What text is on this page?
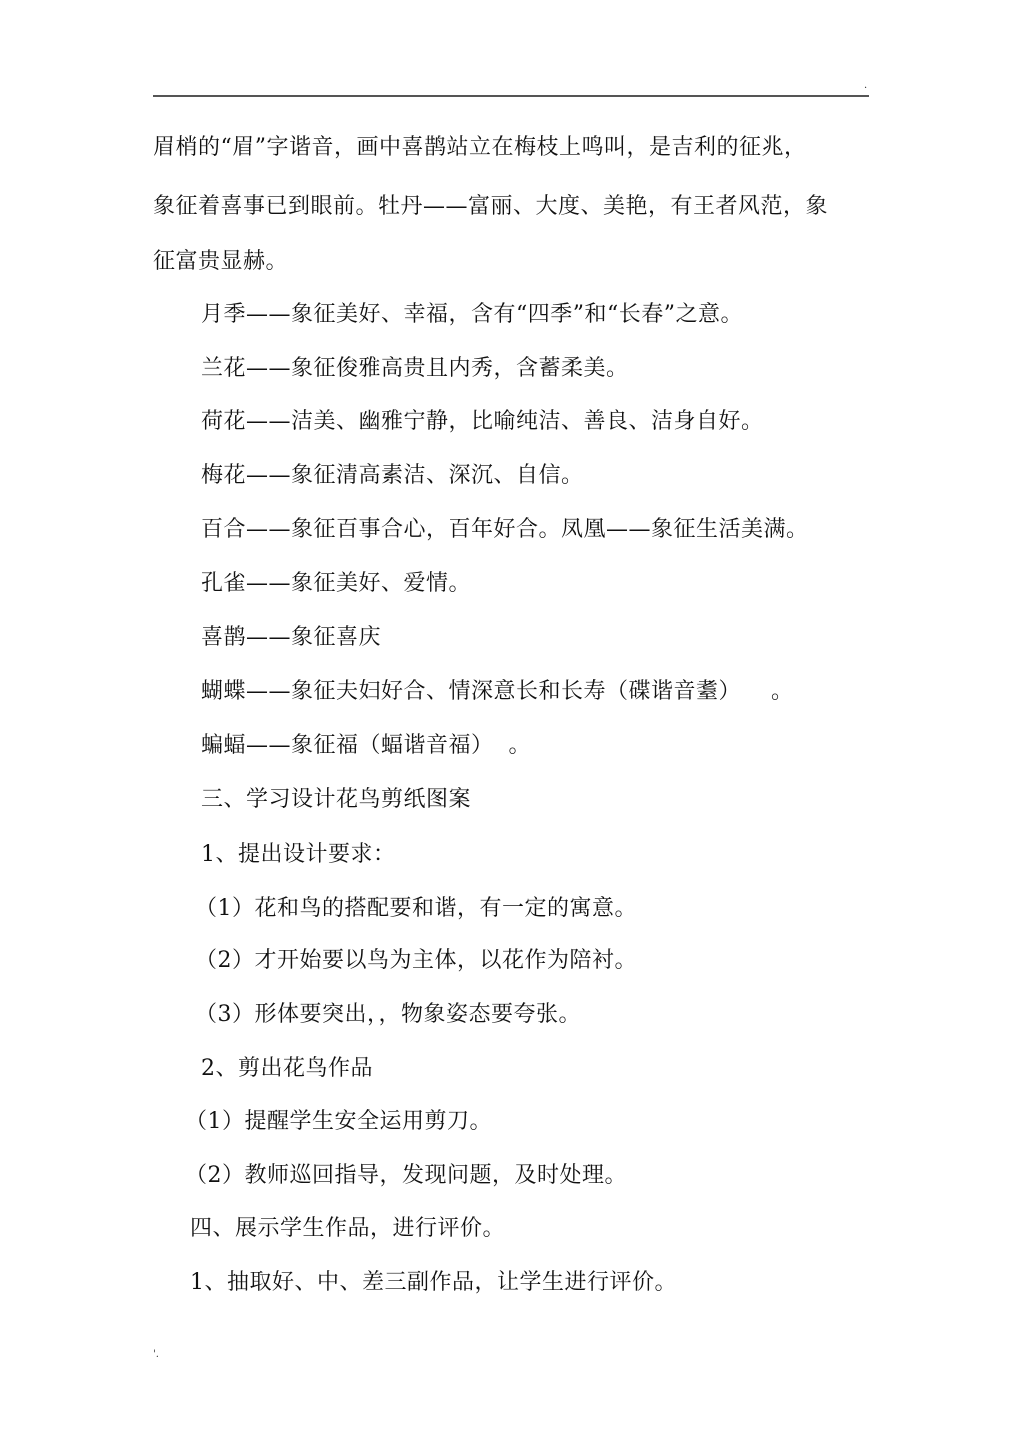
·
眉梢的“眉”字谐音，画中喜鹊站立在梅枝上鸣叫，是吉利的征兆，
象征着喜事已到眼前。牡丹——富丽、大度、美艳，有王者风范，象
征富贵显赫。
月季——象征美好、幸福，含有“四季”和“长春”之意。
兰花——象征俊雅高贵且内秀，含蓄柔美。
荷花——洁美、幽雅宁静，比喻纯洁、善良、洁身自好。
梅花——象征清高素洁、深沉、自信。
百合——象征百事合心，百年好合。凤凰——象征生活美满。
孔雀——象征美好、爱情。
喜鹊——象征喜庆
蝴蝶——象征夫妇好合、情深意长和长寿（碟谐音耋）    。
蝙蝠——象征福（蝠谐音福）  。
三、学习设计花鸟剪纸图案
1、提出设计要求：
（1）花和鸟的搭配要和谐，有一定的寓意。
（2）才开始要以鸟为主体，以花作为陪衬。
（3）形体要突出，，物象姿态要夸张。
2、剪出花鸟作品
（1）提醒学生安全运用剪刀。
（2）教师巡回指导，发现问题，及时处理。
四、展示学生作品，进行评价。
1、抽取好、中、差三副作品，让学生进行评价。
'.
